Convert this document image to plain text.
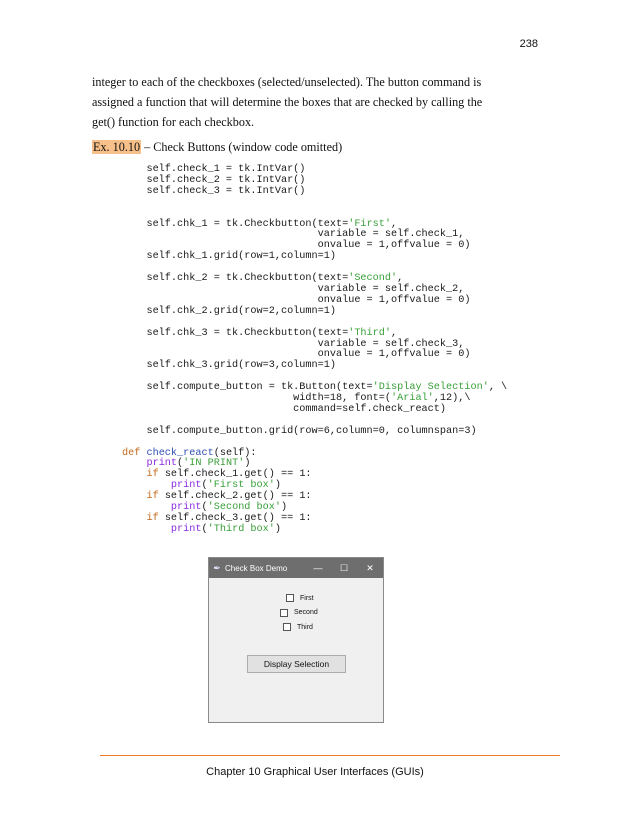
238
integer to each of the checkboxes (selected/unselected). The button command is
assigned a function that will determine the boxes that are checked by calling the
get() function for each checkbox.
Ex. 10.10 – Check Buttons (window code omitted)
self.check_1 = tk.IntVar()
self.check_2 = tk.IntVar()
self.check_3 = tk.IntVar()

self.chk_1 = tk.Checkbutton(text='First',
variable = self.check_1,
onvalue = 1,offvalue = 0)
self.chk_1.grid(row=1,column=1)

self.chk_2 = tk.Checkbutton(text='Second',
variable = self.check_2,
onvalue = 1,offvalue = 0)
self.chk_2.grid(row=2,column=1)

self.chk_3 = tk.Checkbutton(text='Third',
variable = self.check_3,
onvalue = 1,offvalue = 0)
self.chk_3.grid(row=3,column=1)

self.compute_button = tk.Button(text='Display Selection', \
width=18, font=('Arial',12),\
command=self.check_react)

self.compute_button.grid(row=6,column=0, columnspan=3)

def check_react(self):
print('IN PRINT')
if self.check_1.get() == 1:
print('First box')
if self.check_2.get() == 1:
print('Second box')
if self.check_3.get() == 1:
print('Third box')
✒ Check Box Demo	—	☐	✕
First
Second
Third
Display Selection
Chapter 10 Graphical User Interfaces (GUIs)
